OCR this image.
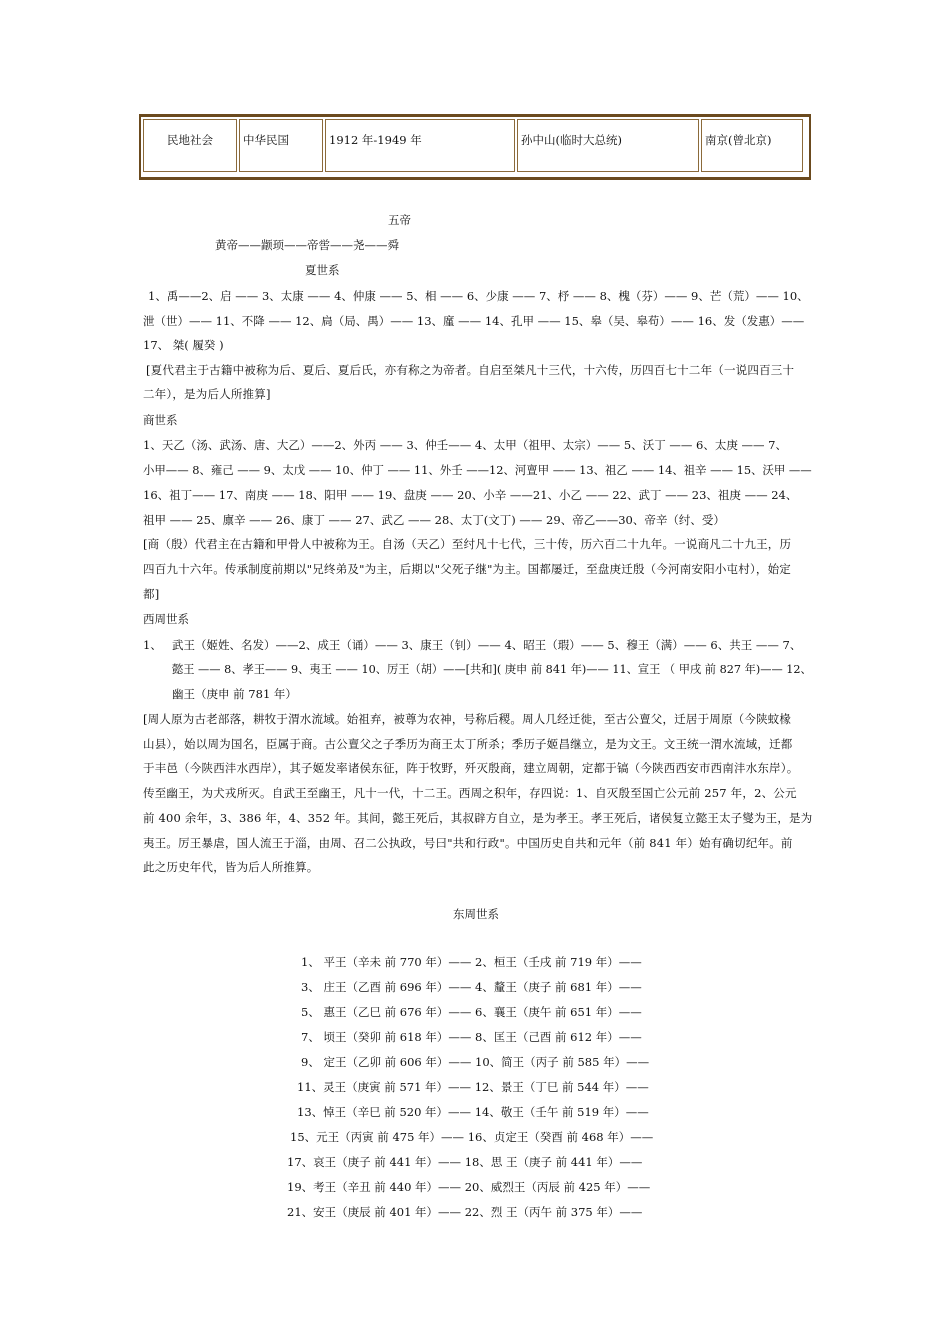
民地社会	中华民国	1912 年-1949 年	孙中山(临时大总统)	南京(曾北京)
五帝
黄帝——颛顼——帝喾——尧——舜
夏世系
1、禹——2、启 —— 3、太康 —— 4、仲康 —— 5、相 —— 6、少康 —— 7、杼 —— 8、槐（芬）—— 9、芒（荒）—— 10、
泄（世）—— 11、不降 —— 12、扃（局、禺）—— 13、廑 —— 14、孔甲 —— 15、皋（吴、皋苟）—— 16、发（发惠）——
17、 桀( 履癸 )
[夏代君主于古籍中被称为后、夏后、夏后氏，亦有称之为帝者。自启至桀凡十三代，十六传，历四百七十二年（一说四百三十
二年），是为后人所推算]
商世系
1、天乙（汤、武汤、唐、大乙）——2、外丙 —— 3、仲壬—— 4、太甲（祖甲、太宗）—— 5、沃丁 —— 6、太庚 —— 7、
小甲—— 8、雍己 —— 9、太戊 —— 10、仲丁 —— 11、外壬 ——12、河亶甲 —— 13、祖乙 —— 14、祖辛 —— 15、沃甲 ——
16、祖丁—— 17、南庚 —— 18、阳甲 —— 19、盘庚 —— 20、小辛 ——21、小乙 —— 22、武丁 —— 23、祖庚 —— 24、
祖甲 —— 25、廪辛 —— 26、康丁 —— 27、武乙 —— 28、太丁(文丁) —— 29、帝乙——30、帝辛（纣、受）
[商（殷）代君主在古籍和甲骨人中被称为王。自汤（天乙）至纣凡十七代，三十传，历六百二十九年。一说商凡二十九王，历
四百九十六年。传承制度前期以"兄终弟及"为主，后期以"父死子继"为主。国都屡迁，至盘庚迁殷（今河南安阳小屯村），始定
都]
西周世系
1、 武王（姬姓、名发）——2、成王（诵）—— 3、康王（钊）—— 4、昭王（瑕）—— 5、穆王（满）—— 6、共王 —— 7、
懿王 —— 8、孝王—— 9、夷王 —— 10、厉王（胡）——[共和]( 庚申 前 841 年)—— 11、宣王 （ 甲戌 前 827 年)—— 12、
幽王（庚申 前 781 年）
[周人原为古老部落，耕牧于渭水流域。始祖弃，被尊为农神，号称后稷。周人几经迁徙，至古公亶父，迁居于周原（今陕蚊椽
山县），始以周为国名，臣属于商。古公亶父之子季历为商王太丁所杀；季历子姬昌继立，是为文王。文王统一渭水流域，迁都
于丰邑（今陕西沣水西岸），其子姬发率诸侯东征，阵于牧野，歼灭殷商，建立周朝，定都于镐（今陕西西安市西南沣水东岸）。
传至幽王，为犬戎所灭。自武王至幽王，凡十一代，十二王。西周之积年，存四说：1、自灭殷至国亡公元前 257 年，2、公元
前 400 余年，3、386 年，4、352 年。其间，懿王死后，其叔辟方自立，是为孝王。孝王死后，诸侯复立懿王太子燮为王，是为
夷王。厉王暴虐，国人流王于淄，由周、召二公执政，号曰"共和行政"。中国历史自共和元年（前 841 年）始有确切纪年。前
此之历史年代，皆为后人所推算。
东周世系
1、 平王（辛未 前 770 年）—— 2、桓王（壬戌 前 719 年）——
3、 庄王（乙酉 前 696 年）—— 4、釐王（庚子 前 681 年）——
5、 惠王（乙巳 前 676 年）—— 6、襄王（庚午 前 651 年）——
7、 顷王（癸卯 前 618 年）—— 8、匡王（己酉 前 612 年）——
9、 定王（乙卯 前 606 年）—— 10、简王（丙子 前 585 年）——
11、灵王（庚寅 前 571 年）—— 12、景王（丁巳 前 544 年）——
13、悼王（辛巳 前 520 年）—— 14、敬王（壬午 前 519 年）——
15、元王（丙寅 前 475 年）—— 16、贞定王（癸酉 前 468 年）——
17、哀王（庚子 前 441 年）—— 18、思 王（庚子 前 441 年）——
19、考王（辛丑 前 440 年）—— 20、威烈王（丙辰 前 425 年）——
21、安王（庚辰 前 401 年）—— 22、烈 王（丙午 前 375 年）——
